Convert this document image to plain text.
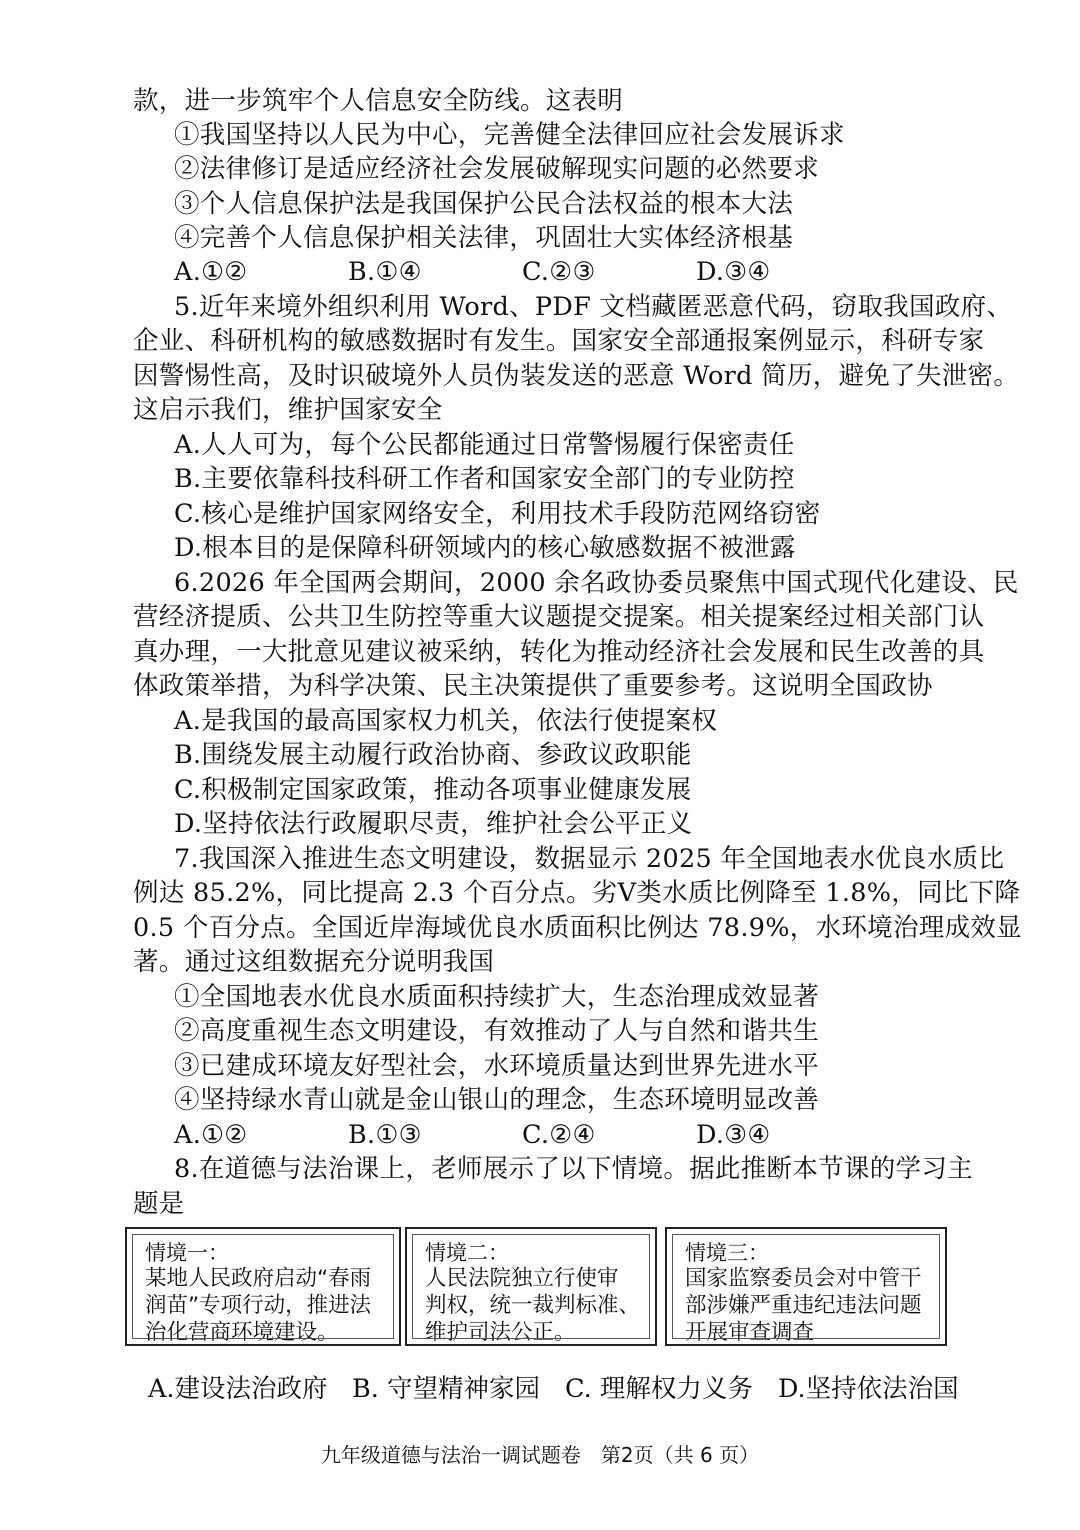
款，进一步筑牢个人信息安全防线。这表明
①我国坚持以人民为中心，完善健全法律回应社会发展诉求
②法律修订是适应经济社会发展破解现实问题的必然要求
③个人信息保护法是我国保护公民合法权益的根本大法
④完善个人信息保护相关法律，巩固壮大实体经济根基
A.①②	B.①④	C.②③	D.③④
5.近年来境外组织利用 Word、PDF 文档藏匿恶意代码，窃取我国政府、
企业、科研机构的敏感数据时有发生。国家安全部通报案例显示，科研专家
因警惕性高，及时识破境外人员伪装发送的恶意 Word 简历，避免了失泄密。
这启示我们，维护国家安全
A.人人可为，每个公民都能通过日常警惕履行保密责任
B.主要依靠科技科研工作者和国家安全部门的专业防控
C.核心是维护国家网络安全，利用技术手段防范网络窃密
D.根本目的是保障科研领域内的核心敏感数据不被泄露
6.2026 年全国两会期间，2000 余名政协委员聚焦中国式现代化建设、民
营经济提质、公共卫生防控等重大议题提交提案。相关提案经过相关部门认
真办理，一大批意见建议被采纳，转化为推动经济社会发展和民生改善的具
体政策举措，为科学决策、民主决策提供了重要参考。这说明全国政协
A.是我国的最高国家权力机关，依法行使提案权
B.围绕发展主动履行政治协商、参政议政职能
C.积极制定国家政策，推动各项事业健康发展
D.坚持依法行政履职尽责，维护社会公平正义
7.我国深入推进生态文明建设，数据显示 2025 年全国地表水优良水质比
例达 85.2%，同比提高 2.3 个百分点。劣Ⅴ类水质比例降至 1.8%，同比下降
0.5 个百分点。全国近岸海域优良水质面积比例达 78.9%，水环境治理成效显
著。通过这组数据充分说明我国
①全国地表水优良水质面积持续扩大，生态治理成效显著
②高度重视生态文明建设，有效推动了人与自然和谐共生
③已建成环境友好型社会，水环境质量达到世界先进水平
④坚持绿水青山就是金山银山的理念，生态环境明显改善
A.①②	B.①③	C.②④	D.③④
8.在道德与法治课上，老师展示了以下情境。据此推断本节课的学习主
题是
情境一：
某地人民政府启动“春雨
润苗”专项行动，推进法
治化营商环境建设。
情境二：
人民法院独立行使审
判权，统一裁判标准、
维护司法公正。
情境三：
国家监察委员会对中管干
部涉嫌严重违纪违法问题
开展审查调查
A.建设法治政府 B. 守望精神家园 C. 理解权力义务 D.坚持依法治国
九年级道德与法治一调试题卷　第2页（共 6 页）
